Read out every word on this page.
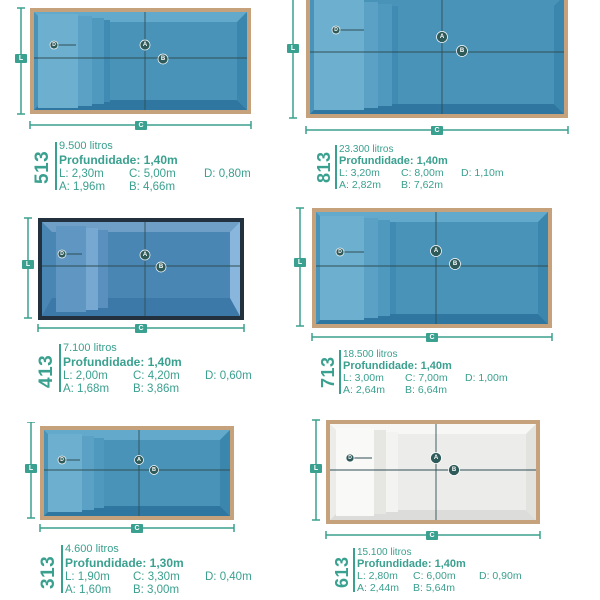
L
C
D	A
B
513
9.500 litros
Profundidade: 1,40m
L: 2,30m C: 5,00m D: 0,80m
A: 1,96m B: 4,66m
L
C
D
A
B
813
23.300 litros
Profundidade: 1,40m
L: 3,20m C: 8,00m D: 1,10m
A: 2,82m B: 7,62m
L
C
D	A
B
413
7.100 litros
Profundidade: 1,40m
L: 2,00m C: 4,20m D: 0,60m
A: 1,68m B: 3,86m
L
C
D	A
B
713
18.500 litros
Profundidade: 1,40m
L: 3,00m C: 7,00m D: 1,00m
A: 2,64m B: 6,64m
L
C
D	A
B
313
4.600 litros
Profundidade: 1,30m
L: 1,90m C: 3,30m D: 0,40m
A: 1,60m B: 3,00m
L
C
D	A
B
613
15.100 litros
Profundidade: 1,40m
L: 2,80m C: 6,00m D: 0,90m
A: 2,44m B: 5,64m
